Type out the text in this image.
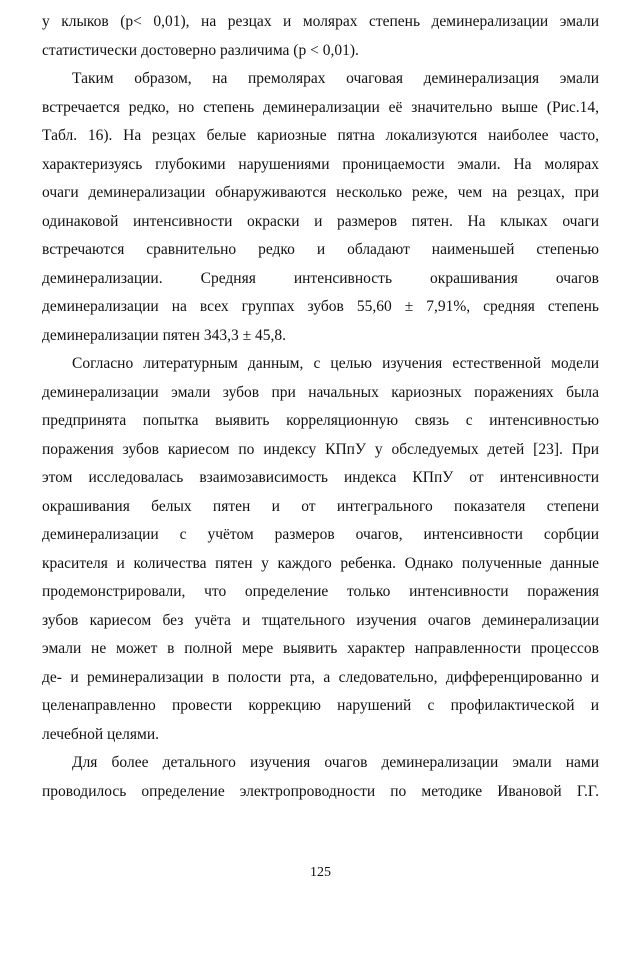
у клыков (р< 0,01), на резцах и молярах степень деминерализации эмали
статистически достоверно различима (р < 0,01).
Таким образом, на премолярах очаговая деминерализация эмали
встречается редко, но степень деминерализации её значительно выше (Рис.14,
Табл. 16). На резцах белые кариозные пятна локализуются наиболее часто,
характеризуясь глубокими нарушениями проницаемости эмали. На молярах
очаги деминерализации обнаруживаются несколько реже, чем на резцах, при
одинаковой интенсивности окраски и размеров пятен. На клыках очаги
встречаются сравнительно редко и обладают наименьшей степенью
деминерализации. Средняя интенсивность окрашивания очагов
деминерализации на всех группах зубов 55,60 ± 7,91%, средняя степень
деминерализации пятен 343,3 ± 45,8.
Согласно литературным данным, с целью изучения естественной модели
деминерализации эмали зубов при начальных кариозных поражениях была
предпринята попытка выявить корреляционную связь с интенсивностью
поражения зубов кариесом по индексу КПпУ у обследуемых детей [23]. При
этом исследовалась взаимозависимость индекса КПпУ от интенсивности
окрашивания белых пятен и от интегрального показателя степени
деминерализации с учётом размеров очагов, интенсивности сорбции
красителя и количества пятен у каждого ребенка. Однако полученные данные
продемонстрировали, что определение только интенсивности поражения
зубов кариесом без учёта и тщательного изучения очагов деминерализации
эмали не может в полной мере выявить характер направленности процессов
де- и реминерализации в полости рта, а следовательно, дифференцированно и
целенаправленно провести коррекцию нарушений с профилактической и
лечебной целями.
Для более детального изучения очагов деминерализации эмали нами
проводилось определение электропроводности по методике Ивановой Г.Г.
125
